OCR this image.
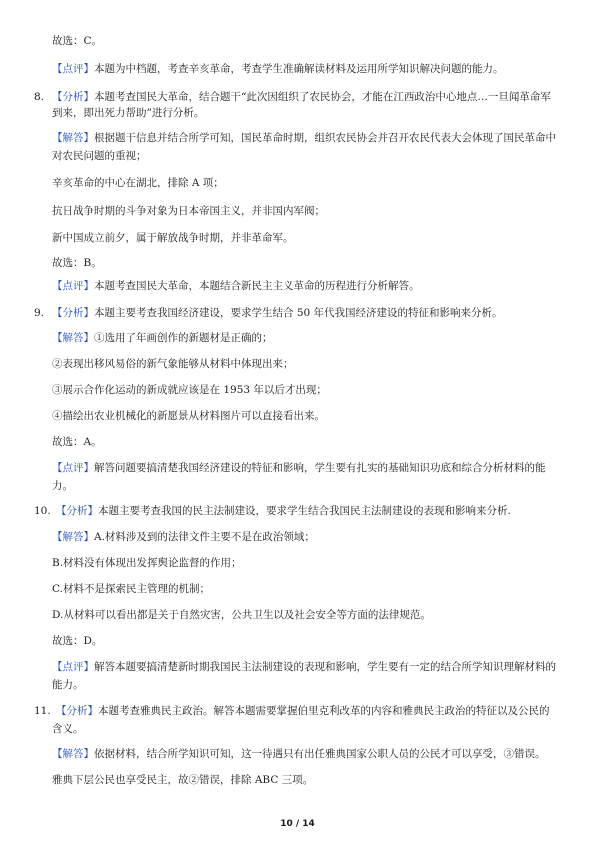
故选：C。
【点评】本题为中档题，考查辛亥革命，考查学生准确解读材料及运用所学知识解决问题的能力。
8. 【分析】本题考查国民大革命，结合题干“此次因组织了农民协会，才能在江西政治中心地点…一旦闻革命军
到来，即出死力帮助”进行分析。
【解答】根据题干信息并结合所学可知，国民革命时期，组织农民协会并召开农民代表大会体现了国民革命中
对农民问题的重视；
辛亥革命的中心在湖北，排除 A 项；
抗日战争时期的斗争对象为日本帝国主义，并非国内军阀；
新中国成立前夕，属于解放战争时期，并非革命军。
故选：B。
【点评】本题考查国民大革命，本题结合新民主主义革命的历程进行分析解答。
9. 【分析】本题主要考查我国经济建设，要求学生结合 50 年代我国经济建设的特征和影响来分析。
【解答】①选用了年画创作的新题材是正确的；
②表现出移风易俗的新气象能够从材料中体现出来；
③展示合作化运动的新成就应该是在 1953 年以后才出现；
④描绘出农业机械化的新愿景从材料图片可以直接看出来。
故选：A。
【点评】解答问题要搞清楚我国经济建设的特征和影响，学生要有扎实的基础知识功底和综合分析材料的能
力。
10. 【分析】本题主要考查我国的民主法制建设，要求学生结合我国民主法制建设的表现和影响来分析.
【解答】A.材料涉及到的法律文件主要不是在政治领域；
B.材料没有体现出发挥舆论监督的作用；
C.材料不是探索民主管理的机制；
D.从材料可以看出都是关于自然灾害，公共卫生以及社会安全等方面的法律规范。
故选：D。
【点评】解答本题要搞清楚新时期我国民主法制建设的表现和影响，学生要有一定的结合所学知识理解材料的
能力。
11. 【分析】本题考查雅典民主政治。解答本题需要掌握伯里克利改革的内容和雅典民主政治的特征以及公民的
含义。
【解答】依据材料，结合所学知识可知，这一待遇只有出任雅典国家公职人员的公民才可以享受，③错误。
雅典下层公民也享受民主，故②错误，排除 ABC 三项。
10 / 14
